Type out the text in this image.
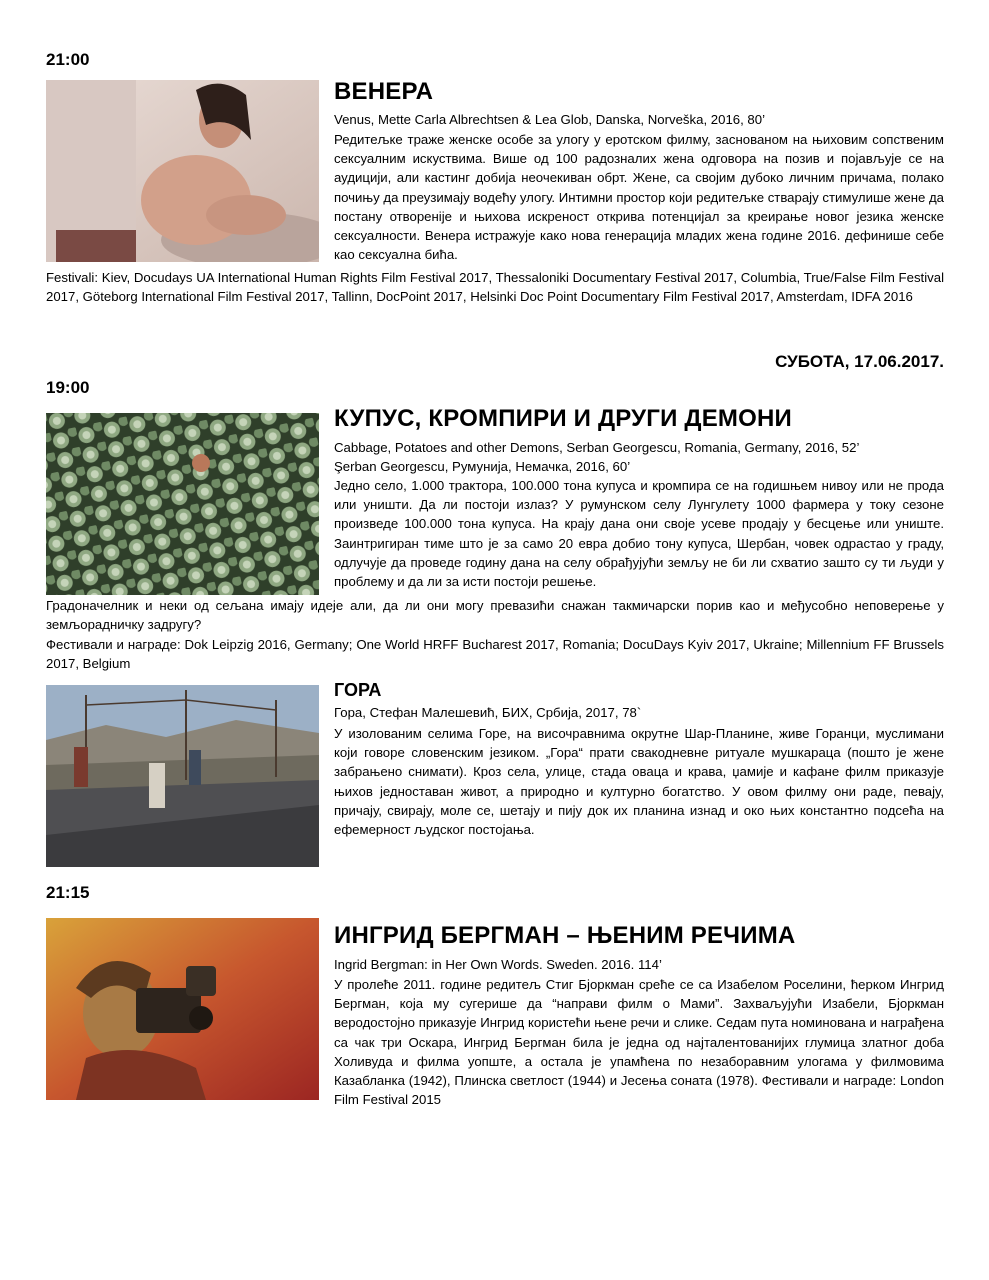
21:00
ВЕНЕРА
Venus, Mette Carla Albrechtsen & Lea Glob, Danska, Norveška, 2016, 80’
Редитељке траже женске особе за улогу у еротском филму, заснованом на њиховим сопственим сексуалним искуствима. Више од 100 радозналих жена одговора на позив и појављује се на аудицији, али кастинг добија неочекиван обрт. Жене, са својим дубоко личним причама, полако почињу да преузимају водећу улогу. Интимни простор који редитељке стварају стимулише жене да постану отворенije и њихова искреност открива потенцијал за креирање новог језика женске сексуалности. Венера истражује како нова генерација младих жена године 2016. дефинише себе као сексуална бића.
Festivali: Kiev, Docudays UA International Human Rights Film Festival 2017, Thessaloniki Documentary Festival 2017, Columbia, True/False Film Festival 2017, Göteborg International Film Festival 2017, Tallinn, DocPoint 2017, Helsinki Doc Point Documentary Film Festival 2017, Amsterdam, IDFA 2016
СУБОТА, 17.06.2017.
19:00
КУПУС, КРОМПИРИ И ДРУГИ ДЕМОНИ
Cabbage, Potatoes and other Demons, Serban Georgescu, Romania, Germany, 2016, 52’
Şerban Georgescu, Румунија, Немачка, 2016, 60’
Једно село, 1.000 трактора, 100.000 тона купуса и кромпира се на годишњем нивоу или не прода или уништи. Да ли постоји излаз? У румунском селу Лунгулету 1000 фармера у току сезоне произведе 100.000 тона купуса. На крају дана они своје усеве продају у бесцење или униште. Заинтригиран тиме што је за само 20 евра добио тону купуса, Шербан, човек одрастао у граду, одлучује да проведе годину дана на селу обрађујући земљу не би ли схватио зашто су ти људи у проблему и да ли за исти постоји решење.
Градоначелник и неки од сељана имају идеје али, да ли они могу превазићи снажан такмичарски порив као и међусобно неповерење у земљорадничку задругу?
Фестивали и награде: Dok Leipzig 2016, Germany; One World HRFF Bucharest 2017, Romania; DocuDays Kyiv 2017, Ukraine; Millennium FF Brussels 2017, Belgium
ГОРА
Гора, Стефан Малешевић, БИХ, Србија, 2017, 78`
У изолованим селима Горе, на височравнима окрутне Шар-Планине, живе Горанци, муслимани који говоре словенским језиком. „Гора“ прати свакодневне ритуале мушкараца (пошто је жене забрањено снимати). Кроз села, улице, стада оваца и крава, џамије и кафане филм приказује њихов једноставан живот, а природно и културно богатство. У овом филму они раде, певају, причају, свирају, моле се, шетају и пију док их планина изнад и око њих константно подсећа на ефемерност људског постојања.
21:15
ИНГРИД БЕРГМАН – ЊЕНИМ РЕЧИМА
Ingrid Bergman: in Her Own Words. Sweden. 2016. 114’
У пролеће 2011. године редитељ Стиг Бјоркман среће се са Изабелом Роселини, ћерком Ингрид Бергман, која му сугерише да “направи филм о Мами”. Захваљујући Изабели, Бјоркман веродостојно приказује Ингрид користећи њене речи и слике. Седам пута номинована и награђена са чак три Оскара, Ингрид Бергман била је једна од најталентованијих глумица златног доба Холивуда и филма уопште, а остала је упамћена по незаборавним улогама у филмовима Казабланка (1942), Плинска светлост (1944) и Јесења соната (1978). Фестивали и награде: London Film Festival 2015
